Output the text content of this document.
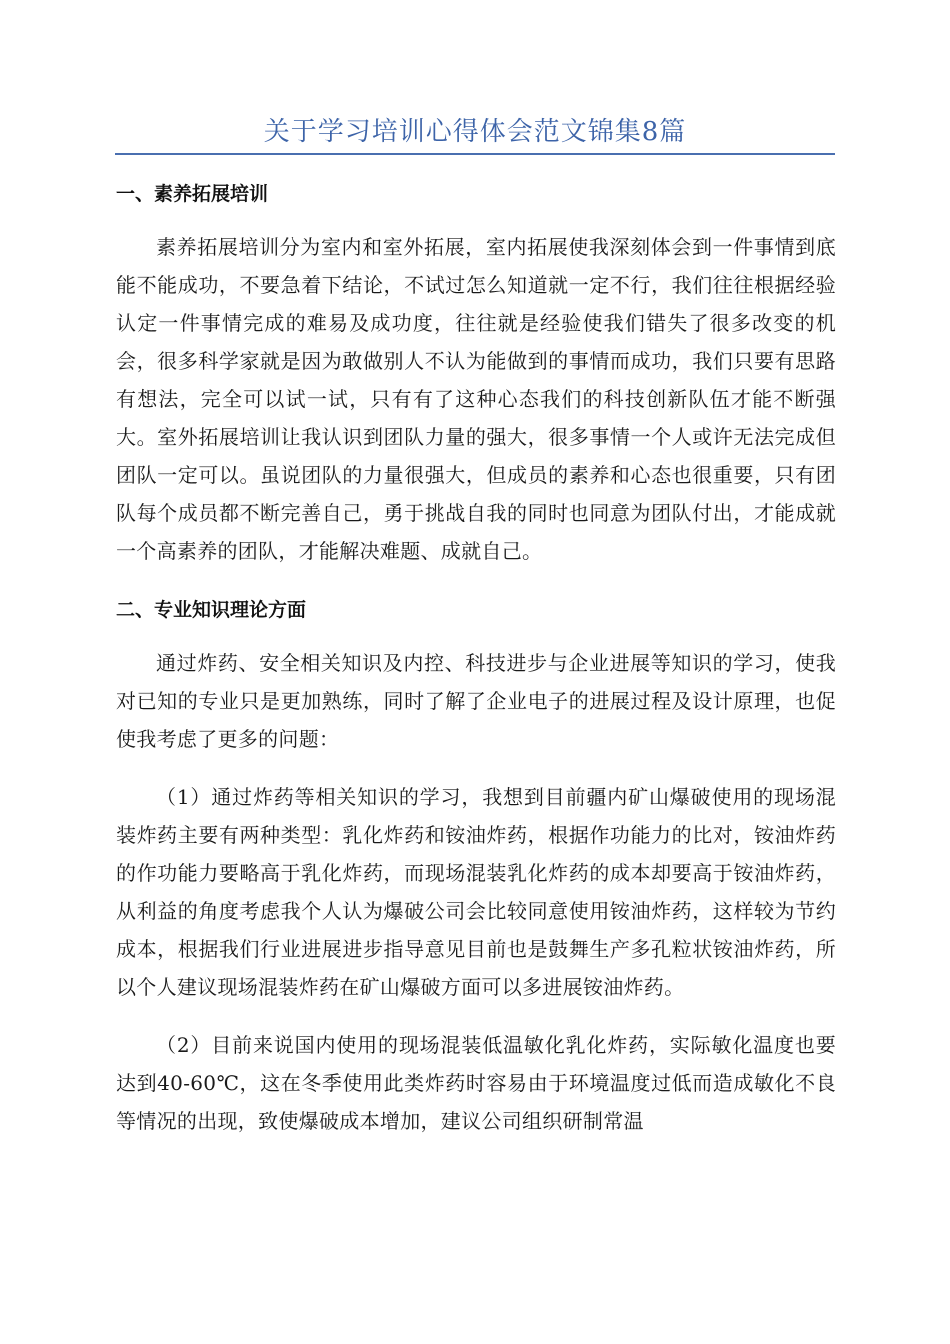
关于学习培训心得体会范文锦集8篇
一、素养拓展培训

素养拓展培训分为室内和室外拓展，室内拓展使我深刻体会到一件事情到底能不能成功，不要急着下结论，不试过怎么知道就一定不行，我们往往根据经验认定一件事情完成的难易及成功度，往往就是经验使我们错失了很多改变的机会，很多科学家就是因为敢做别人不认为能做到的事情而成功，我们只要有思路有想法，完全可以试一试，只有有了这种心态我们的科技创新队伍才能不断强大。室外拓展培训让我认识到团队力量的强大，很多事情一个人或许无法完成但团队一定可以。虽说团队的力量很强大，但成员的素养和心态也很重要，只有团队每个成员都不断完善自己，勇于挑战自我的同时也同意为团队付出，才能成就一个高素养的团队，才能解决难题、成就自己。

二、专业知识理论方面

通过炸药、安全相关知识及内控、科技进步与企业进展等知识的学习，使我对已知的专业只是更加熟练，同时了解了企业电子的进展过程及设计原理，也促使我考虑了更多的问题：

（1）通过炸药等相关知识的学习，我想到目前疆内矿山爆破使用的现场混装炸药主要有两种类型：乳化炸药和铵油炸药，根据作功能力的比对，铵油炸药的作功能力要略高于乳化炸药，而现场混装乳化炸药的成本却要高于铵油炸药，从利益的角度考虑我个人认为爆破公司会比较同意使用铵油炸药，这样较为节约成本，根据我们行业进展进步指导意见目前也是鼓舞生产多孔粒状铵油炸药，所以个人建议现场混装炸药在矿山爆破方面可以多进展铵油炸药。

（2）目前来说国内使用的现场混装低温敏化乳化炸药，实际敏化温度也要达到40-60℃，这在冬季使用此类炸药时容易由于环境温度过低而造成敏化不良等情况的出现，致使爆破成本增加，建议公司组织研制常温
